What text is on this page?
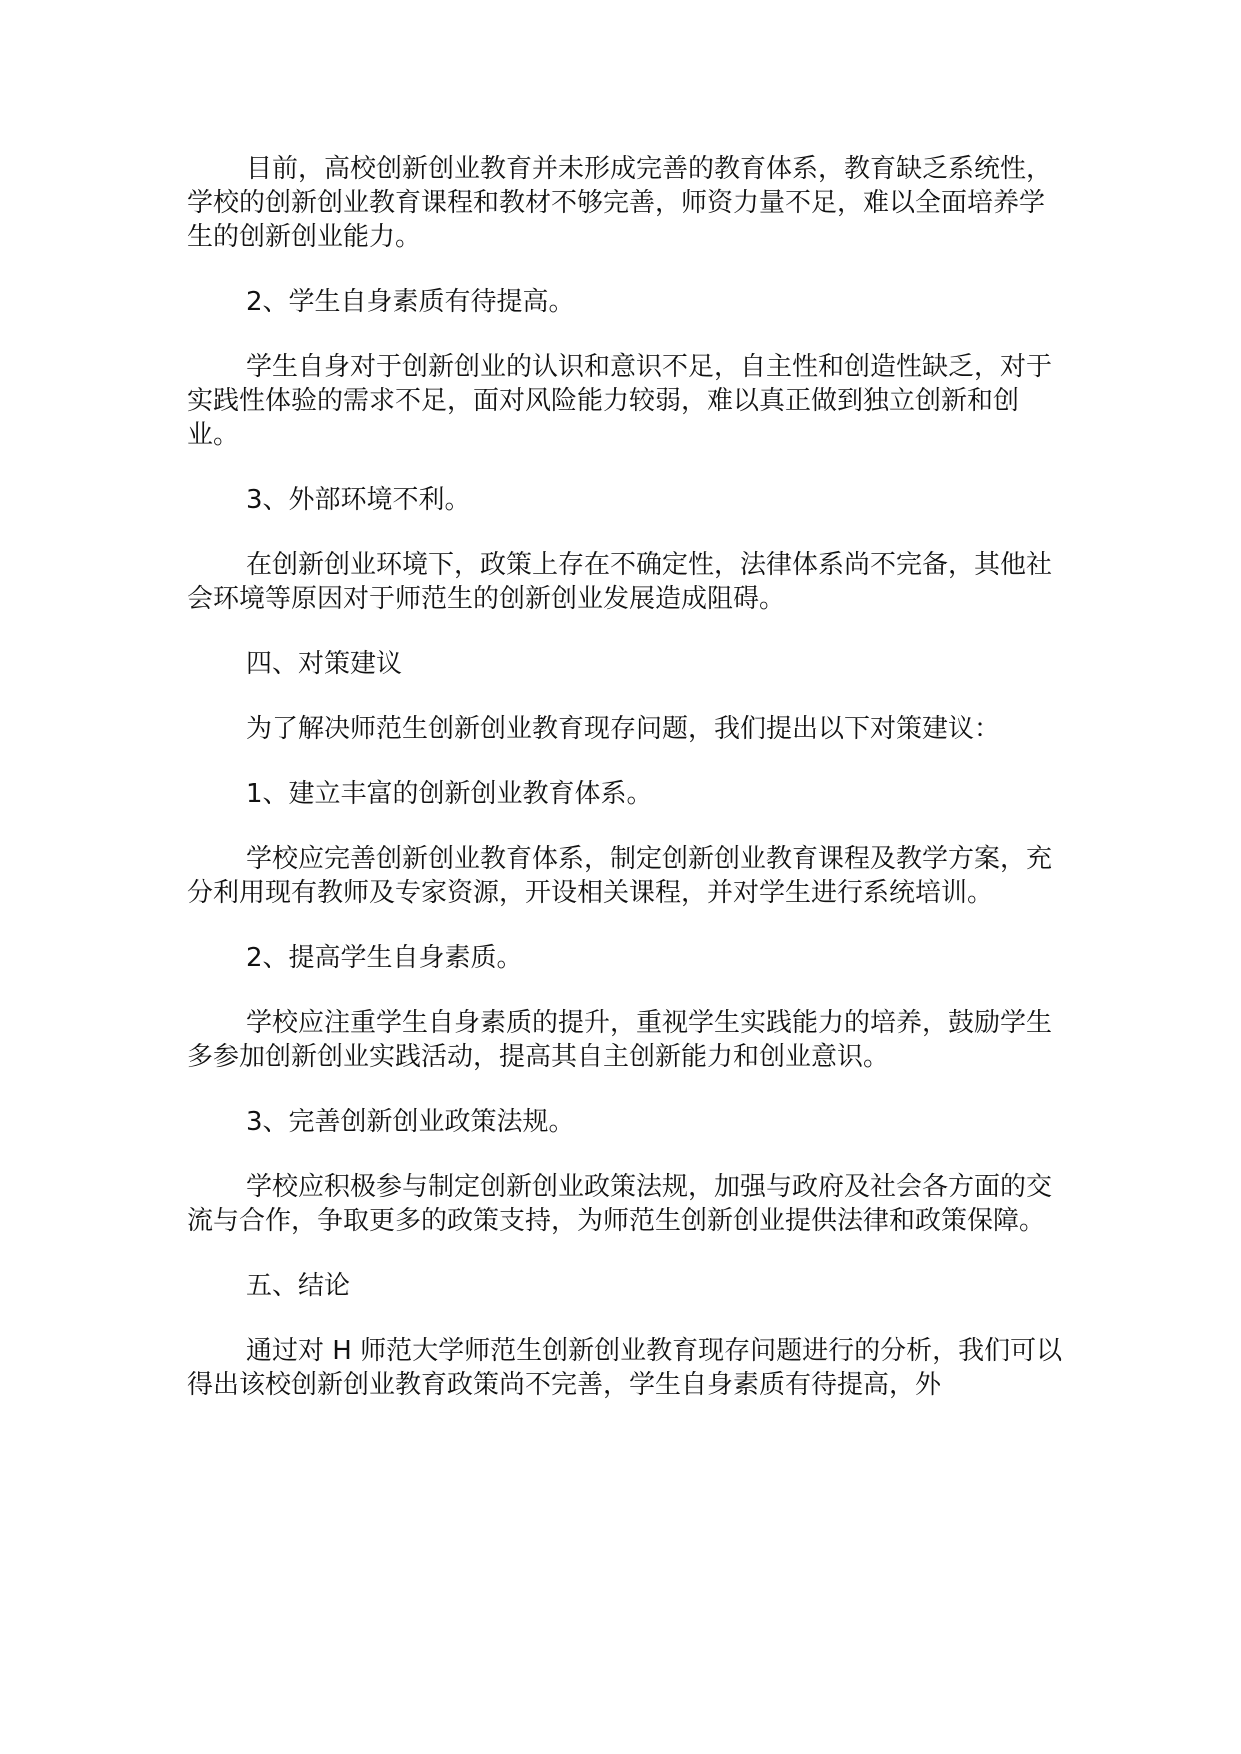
目前，高校创新创业教育并未形成完善的教育体系，教育缺乏系统性，学校的创新创业教育课程和教材不够完善，师资力量不足，难以全面培养学生的创新创业能力。

2、学生自身素质有待提高。

学生自身对于创新创业的认识和意识不足，自主性和创造性缺乏，对于实践性体验的需求不足，面对风险能力较弱，难以真正做到独立创新和创业。

3、外部环境不利。

在创新创业环境下，政策上存在不确定性，法律体系尚不完备，其他社会环境等原因对于师范生的创新创业发展造成阻碍。

四、对策建议

为了解决师范生创新创业教育现存问题，我们提出以下对策建议：

1、建立丰富的创新创业教育体系。

学校应完善创新创业教育体系，制定创新创业教育课程及教学方案，充分利用现有教师及专家资源，开设相关课程，并对学生进行系统培训。

2、提高学生自身素质。

学校应注重学生自身素质的提升，重视学生实践能力的培养，鼓励学生多参加创新创业实践活动，提高其自主创新能力和创业意识。

3、完善创新创业政策法规。

学校应积极参与制定创新创业政策法规，加强与政府及社会各方面的交流与合作，争取更多的政策支持，为师范生创新创业提供法律和政策保障。

五、结论

通过对 H 师范大学师范生创新创业教育现存问题进行的分析，我们可以得出该校创新创业教育政策尚不完善，学生自身素质有待提高，外
